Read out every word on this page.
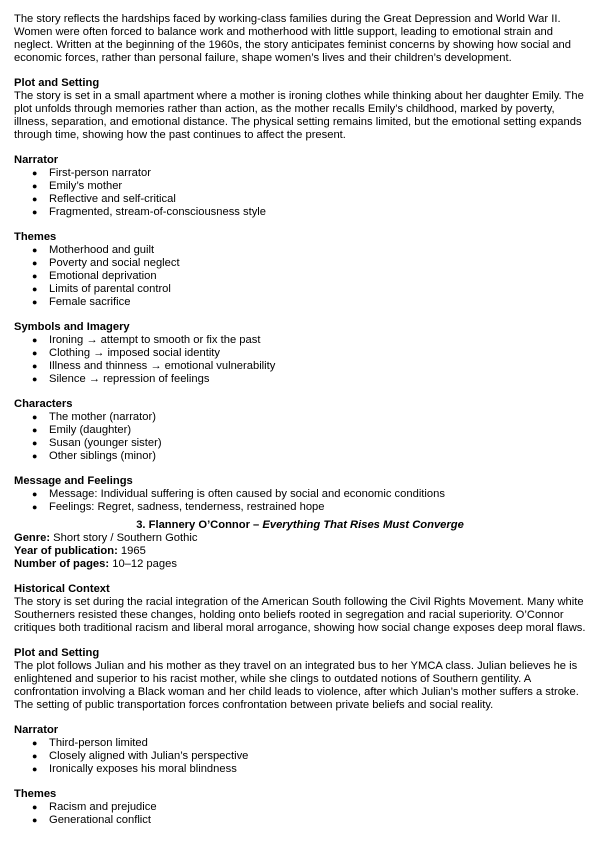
The story reflects the hardships faced by working-class families during the Great Depression and World War II. Women were often forced to balance work and motherhood with little support, leading to emotional strain and neglect. Written at the beginning of the 1960s, the story anticipates feminist concerns by showing how social and economic forces, rather than personal failure, shape women’s lives and their children’s development.

Plot and Setting

The story is set in a small apartment where a mother is ironing clothes while thinking about her daughter Emily. The plot unfolds through memories rather than action, as the mother recalls Emily’s childhood, marked by poverty, illness, separation, and emotional distance. The physical setting remains limited, but the emotional setting expands through time, showing how the past continues to affect the present.

Narrator

● First-person narrator
● Emily’s mother
● Reflective and self-critical
● Fragmented, stream-of-consciousness style

Themes

● Motherhood and guilt
● Poverty and social neglect
● Emotional deprivation
● Limits of parental control
● Female sacrifice

Symbols and Imagery

● Ironing → attempt to smooth or fix the past
● Clothing → imposed social identity
● Illness and thinness → emotional vulnerability
● Silence → repression of feelings

Characters

● The mother (narrator)
● Emily (daughter)
● Susan (younger sister)
● Other siblings (minor)

Message and Feelings

● Message: Individual suffering is often caused by social and economic conditions
● Feelings: Regret, sadness, tenderness, restrained hope

3. Flannery O’Connor – Everything That Rises Must Converge

Genre: Short story / Southern Gothic

Year of publication: 1965

Number of pages: 10–12 pages

Historical Context

The story is set during the racial integration of the American South following the Civil Rights Movement. Many white Southerners resisted these changes, holding onto beliefs rooted in segregation and racial superiority. O’Connor critiques both traditional racism and liberal moral arrogance, showing how social change exposes deep moral flaws.

Plot and Setting

The plot follows Julian and his mother as they travel on an integrated bus to her YMCA class. Julian believes he is enlightened and superior to his racist mother, while she clings to outdated notions of Southern gentility. A confrontation involving a Black woman and her child leads to violence, after which Julian’s mother suffers a stroke. The setting of public transportation forces confrontation between private beliefs and social reality.

Narrator

● Third-person limited
● Closely aligned with Julian’s perspective
● Ironically exposes his moral blindness

Themes

● Racism and prejudice
● Generational conflict
